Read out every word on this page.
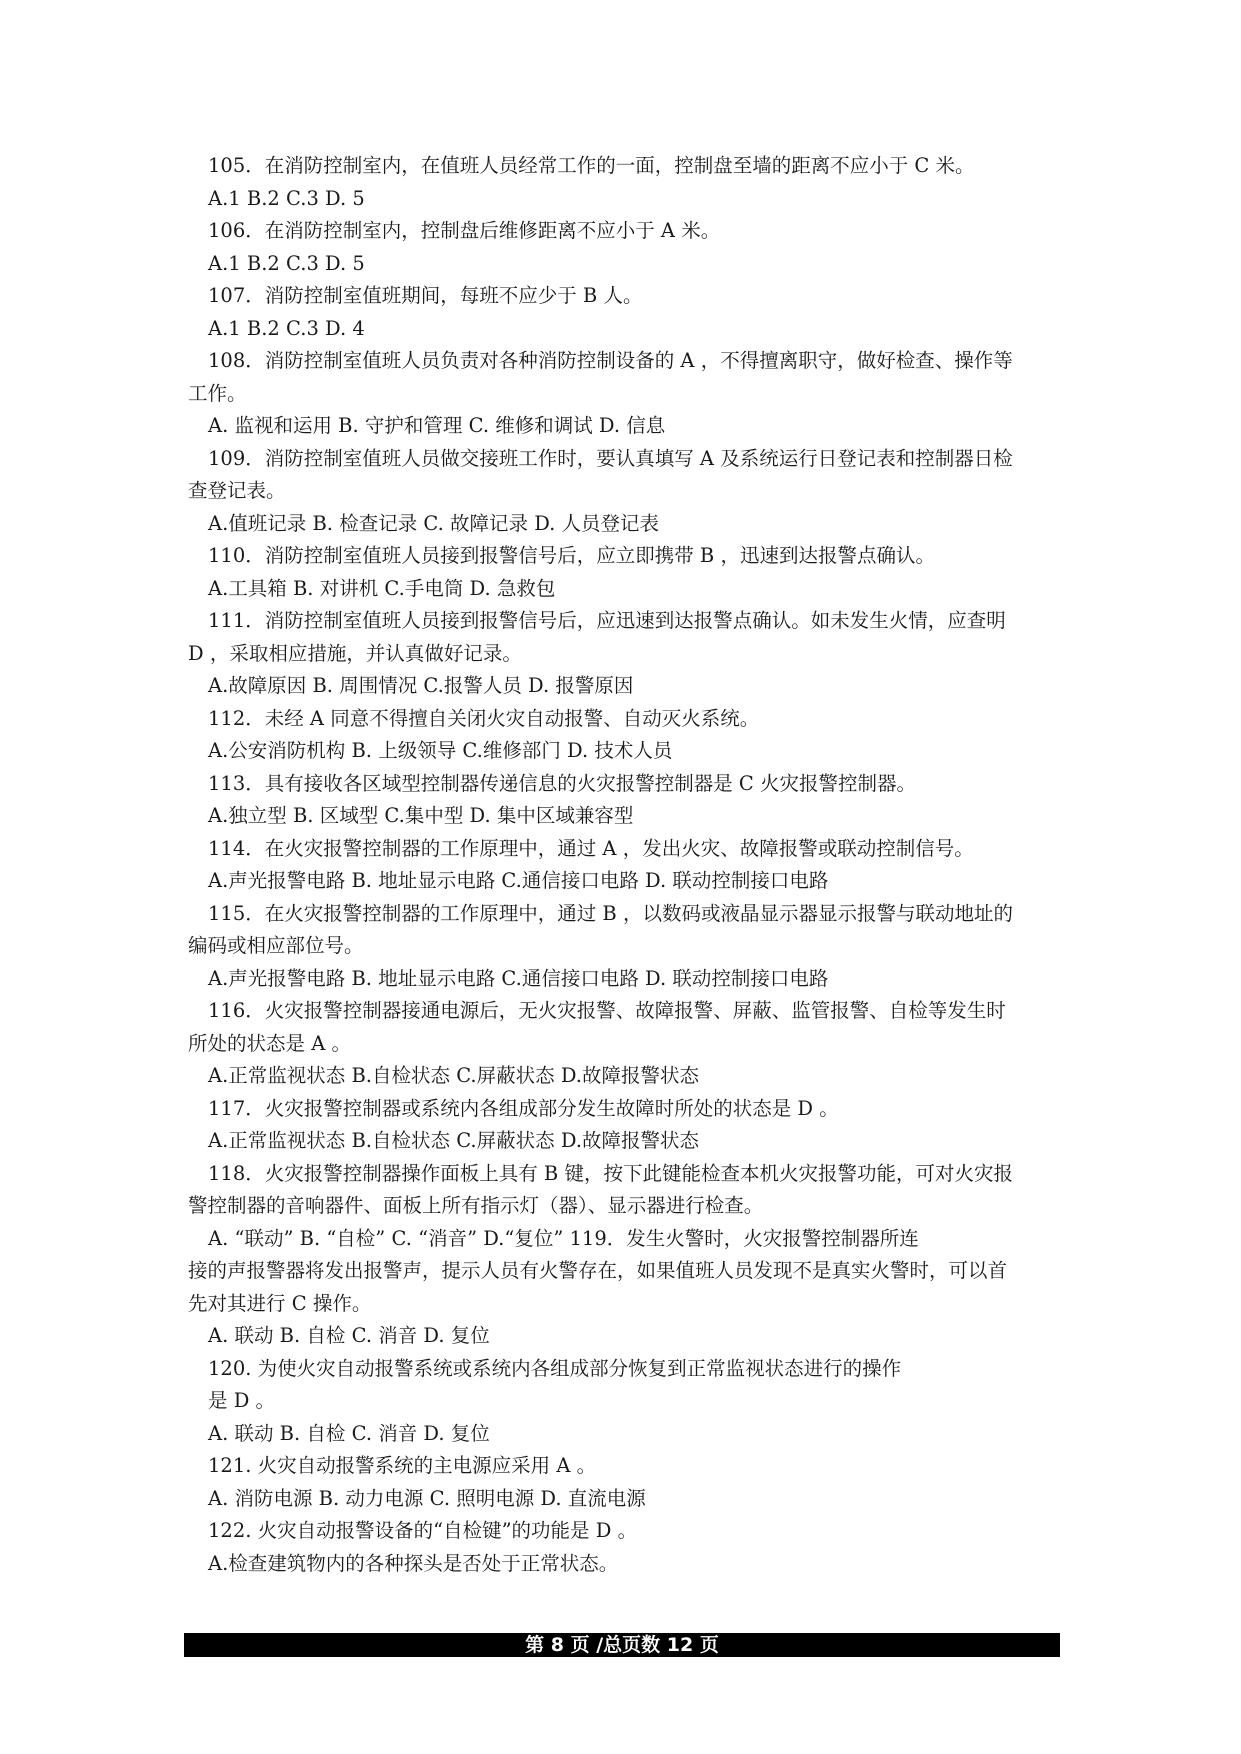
105．在消防控制室内，在值班人员经常工作的一面，控制盘至墙的距离不应小于 C 米。

A.1 B.2 C.3 D. 5

106．在消防控制室内，控制盘后维修距离不应小于 A 米。

A.1 B.2 C.3 D. 5

107．消防控制室值班期间，每班不应少于 B 人。

A.1 B.2 C.3 D. 4

108．消防控制室值班人员负责对各种消防控制设备的 A ，不得擅离职守，做好检查、操作等

工作。

A. 监视和运用 B. 守护和管理 C. 维修和调试 D. 信息

109．消防控制室值班人员做交接班工作时，要认真填写 A 及系统运行日登记表和控制器日检

查登记表。

A.值班记录 B. 检查记录 C. 故障记录 D. 人员登记表

110．消防控制室值班人员接到报警信号后，应立即携带 B ，迅速到达报警点确认。

A.工具箱 B. 对讲机 C.手电筒 D. 急救包

111．消防控制室值班人员接到报警信号后，应迅速到达报警点确认。如未发生火情，应查明

D ，采取相应措施，并认真做好记录。

A.故障原因 B. 周围情况 C.报警人员 D. 报警原因

112．未经 A 同意不得擅自关闭火灾自动报警、自动灭火系统。

A.公安消防机构 B. 上级领导 C.维修部门 D. 技术人员

113．具有接收各区域型控制器传递信息的火灾报警控制器是 C 火灾报警控制器。

A.独立型 B. 区域型 C.集中型 D. 集中区域兼容型

114．在火灾报警控制器的工作原理中，通过 A ，发出火灾、故障报警或联动控制信号。

A.声光报警电路 B. 地址显示电路 C.通信接口电路 D. 联动控制接口电路

115．在火灾报警控制器的工作原理中，通过 B ，以数码或液晶显示器显示报警与联动地址的

编码或相应部位号。

A.声光报警电路 B. 地址显示电路 C.通信接口电路 D. 联动控制接口电路

116．火灾报警控制器接通电源后，无火灾报警、故障报警、屏蔽、监管报警、自检等发生时

所处的状态是 A 。

A.正常监视状态 B.自检状态 C.屏蔽状态 D.故障报警状态

117．火灾报警控制器或系统内各组成部分发生故障时所处的状态是 D 。

A.正常监视状态 B.自检状态 C.屏蔽状态 D.故障报警状态

118．火灾报警控制器操作面板上具有 B 键，按下此键能检查本机火灾报警功能，可对火灾报

警控制器的音响器件、面板上所有指示灯（器）、显示器进行检查。

A. “联动” B. “自检” C. “消音” D.“复位” 119．发生火警时，火灾报警控制器所连

接的声报警器将发出报警声，提示人员有火警存在，如果值班人员发现不是真实火警时，可以首

先对其进行 C 操作。

A. 联动 B. 自检 C. 消音 D. 复位

120. 为使火灾自动报警系统或系统内各组成部分恢复到正常监视状态进行的操作

是 D 。

A. 联动 B. 自检 C. 消音 D. 复位

121. 火灾自动报警系统的主电源应采用 A 。

A. 消防电源 B. 动力电源 C. 照明电源 D. 直流电源

122. 火灾自动报警设备的“自检键”的功能是 D 。

A.检查建筑物内的各种探头是否处于正常状态。

第 8 页 /总页数 12 页
